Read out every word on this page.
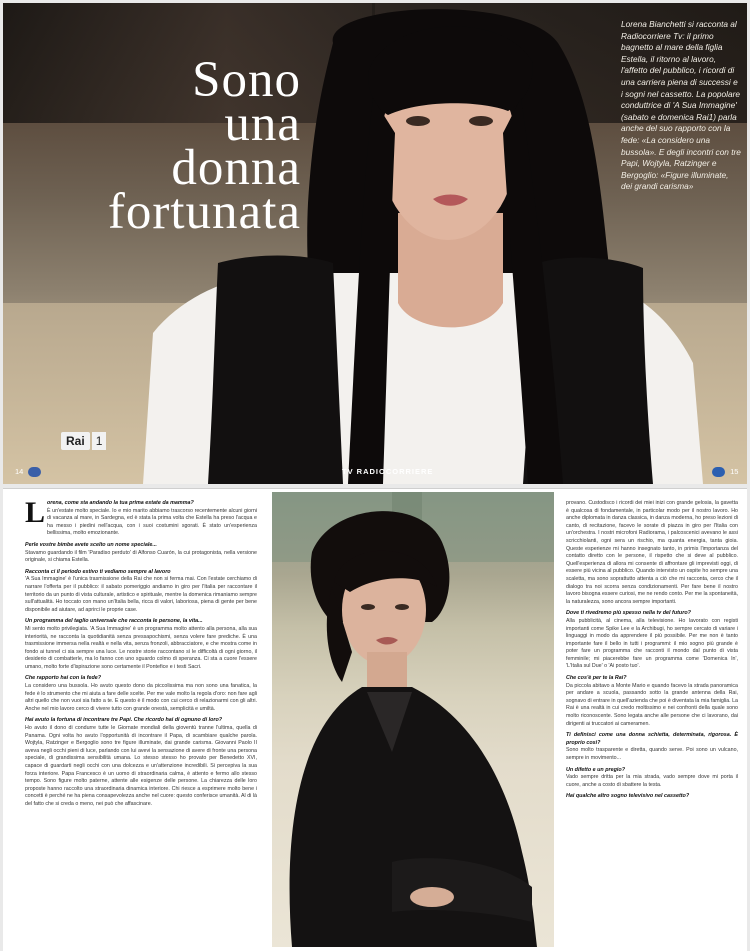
Sono
una
donna
fortunata

Lorena Bianchetti si racconta al Radiocorriere Tv: il primo bagnetto al mare della figlia Estella, il ritorno al lavoro, l'affetto del pubblico, i ricordi di una carriera piena di successi e i sogni nel cassetto. La popolare conduttrice di 'A Sua Immagine' (sabato e domenica Rai1) parla anche del suo rapporto con la fede: «La considero una bussola». E degli incontri con tre Papi, Wojtyla, Ratzinger e Bergoglio: «Figure illuminate, dei grandi carisma»

Rai 1
14	TV RADIOCORRIERE	15
L orena, come sta andando la tua prima estate da mamma?
È un'estate molto speciale. Io e mio marito abbiamo trascorso recentemente alcuni giorni di vacanza al mare, in Sardegna, ed è stata la prima volta che Estella ha preso l'acqua e ha messo i piedini nell'acqua, con i suoi costumini sgorati. È stato un'esperienza bellissima, molto emozionante.

Perle vostre bimbe avete scelto un nome speciale...
Stavamo guardando il film 'Paradiso perduto' di Alfonso Cuarón, la cui protagonista, nella versione originale, si chiama Estella.

Racconta ci il periodo estivo ti vediamo sempre al lavoro
'A Sua Immagine' è l'unica trasmissione della Rai che non si ferma mai. Con l'estate cerchiamo di narrare l'offerta per il pubblico: il sabato pomeriggio andiamo in giro per l'Italia per raccontare il territorio da un punto di vista culturale, artistico e spirituale, mentre la domenica rimaniamo sempre sull'attualità. Ho toccato con mano un'Italia bella, ricca di valori, laboriosa, piena di gente per bene disponibile ad aiutare, ad aprirci le proprie case.

Un programma del taglio universale che racconta le persone, la vita...
Mi sento molto privilegiata. 'A Sua Immagine' è un programma molto attento alla persona, alla sua interiorità, ne racconta la quotidianità senza pressapochismi, senza volere fare prediche. È una trasmissione immersa nella realtà e nella vita, senza fronzoli, abbracciatore, e che mostra come in fondo ai tunnel ci sia sempre una luce. Le nostre storie raccontano sì le difficoltà di ogni giorno, il desiderio di combatterle, ma lo fanno con uno sguardo colmo di speranza. Ci sta a cuore l'essere umano, molto forte d'ispirazione sono certamente il Pontefice e i testi Sacri.

Che rapporto hai con la fede?
La considero una bussola. Ho avuto questo dono da piccolissima ma non sono una fanatica, la fede è lo strumento che mi aiuta a fare delle scelte. Per me vale molto la regola d'oro: non fare agli altri quello che non vuoi sia fatto a te. E questo è il modo con cui cerco di relazionarmi con gli altri. Anche nel mio lavoro cerco di vivere tutto con grande onestà, semplicità e umiltà.

Hai avuto la fortuna di incontrare tre Papi. Che ricordo hai di ognuno di loro?
Ho avuto il dono di condurre tutte le Giornate mondiali della gioventù tranne l'ultima, quella di Panama. Ogni volta ho avuto l'opportunità di incontrare il Papa, di scambiare qualche parola. Wojtyla, Ratzinger e Bergoglio sono tre figure illuminate, dai grande carisma. Giovanni Paolo II aveva negli occhi pieni di luce, parlando con lui avevi la sensazione di avere di fronte una persona speciale, di grandissima sensibilità umana. Lo stesso stesso ho provato per Benedetto XVI, capace di guardarti negli occhi con una dolcezza e un'attenzione incredibili. Si percepiva la sua forza interiore. Papa Francesco è un uomo di straordinaria calma, è attento e fermo allo stesso tempo. Sono figure molto paterne, attente alle esigenze delle persone. La chiarezza delle loro proposte hanno raccolto una straordinaria dinamica interiore. Chi riesce a esprimere molto bene i concetti è perché ne ha piena consapevolezza anche nel cuore: questo conferisce umanità. Al di là del fatto che si creda o meno, nei può che affascinare.

provano. Custodisco i ricordi dei miei inizi con grande gelosia, la gavetta è qualcosa di fondamentale, in particolar modo per il nostro lavoro. Ho anche diplomata in danza classica, in danza moderna, ho preso lezioni di canto, di recitazione, facevo le sorate di piazza in giro per l'Italia con un'orchestra. I nostri microfoni Radiorama, i palcoscenici avevano le assi scricchiolanti, ogni sera un rischio, ma quanta energia, tanta gioia. Queste esperienze mi hanno insegnato tanto, in primis l'importanza del contatto diretto con le persone, il rispetto che si deve al pubblico. Quell'esperienza di allora mi consente di affrontare gli imprevisti oggi, di essere più vicina al pubblico. Quando intervisto un ospite ho sempre una scaletta, ma sono soprattutto attenta a ciò che mi racconta, cerco che il dialogo tra noi scorra senza condizionamenti. Per fare bene il nostro lavoro bisogna essere curiosi, me ne rendo conto. Per me la spontaneità, la naturalezza, sono ancora sempre importanti.

Dove ti rivedremo più spesso nella tv del futuro?
Alla pubblicità, al cinema, alla televisione. Ho lavorato con registi importanti come Spike Lee e la Archibugi, ho sempre cercato di variare i linguaggi in modo da apprendere il più possibile. Per me non è tanto importante fare il bello in tutti i programmi: il mio sogno più grande è poter fare un programma che racconti il mondo dal punto di vista femminile; mi piacerebbe fare un programma come 'Domenica In', 'L'Italia sul Due' o 'Ai posto tuo'.

Che cos'è per te la Rai?
Da piccola abitavo a Monte Mario e quando facevo la strada panoramica per andare a scuola, passando sotto la grande antenna della Rai, sognavo di entrare in quell'azienda che poi è diventata la mia famiglia. La Rai è una realtà in cui credo moltissimo e nei confronti della quale sono molto riconoscente. Sono legata anche alle persone che ci lavorano, dai dirigenti ai truccatori ai cameramen.

Ti definisci come una donna schietta, determinata, rigorosa. È proprio così?
Sono molto trasparente e diretta, quando serve. Poi sono un vulcano, sempre in movimento...

Un difetto e un pregio?
Vado sempre dritta per la mia strada, vado sempre dove mi porta il cuore, anche a costo di sbattere la testa.

Hai qualche altro sogno televisivo nel cassetto?
